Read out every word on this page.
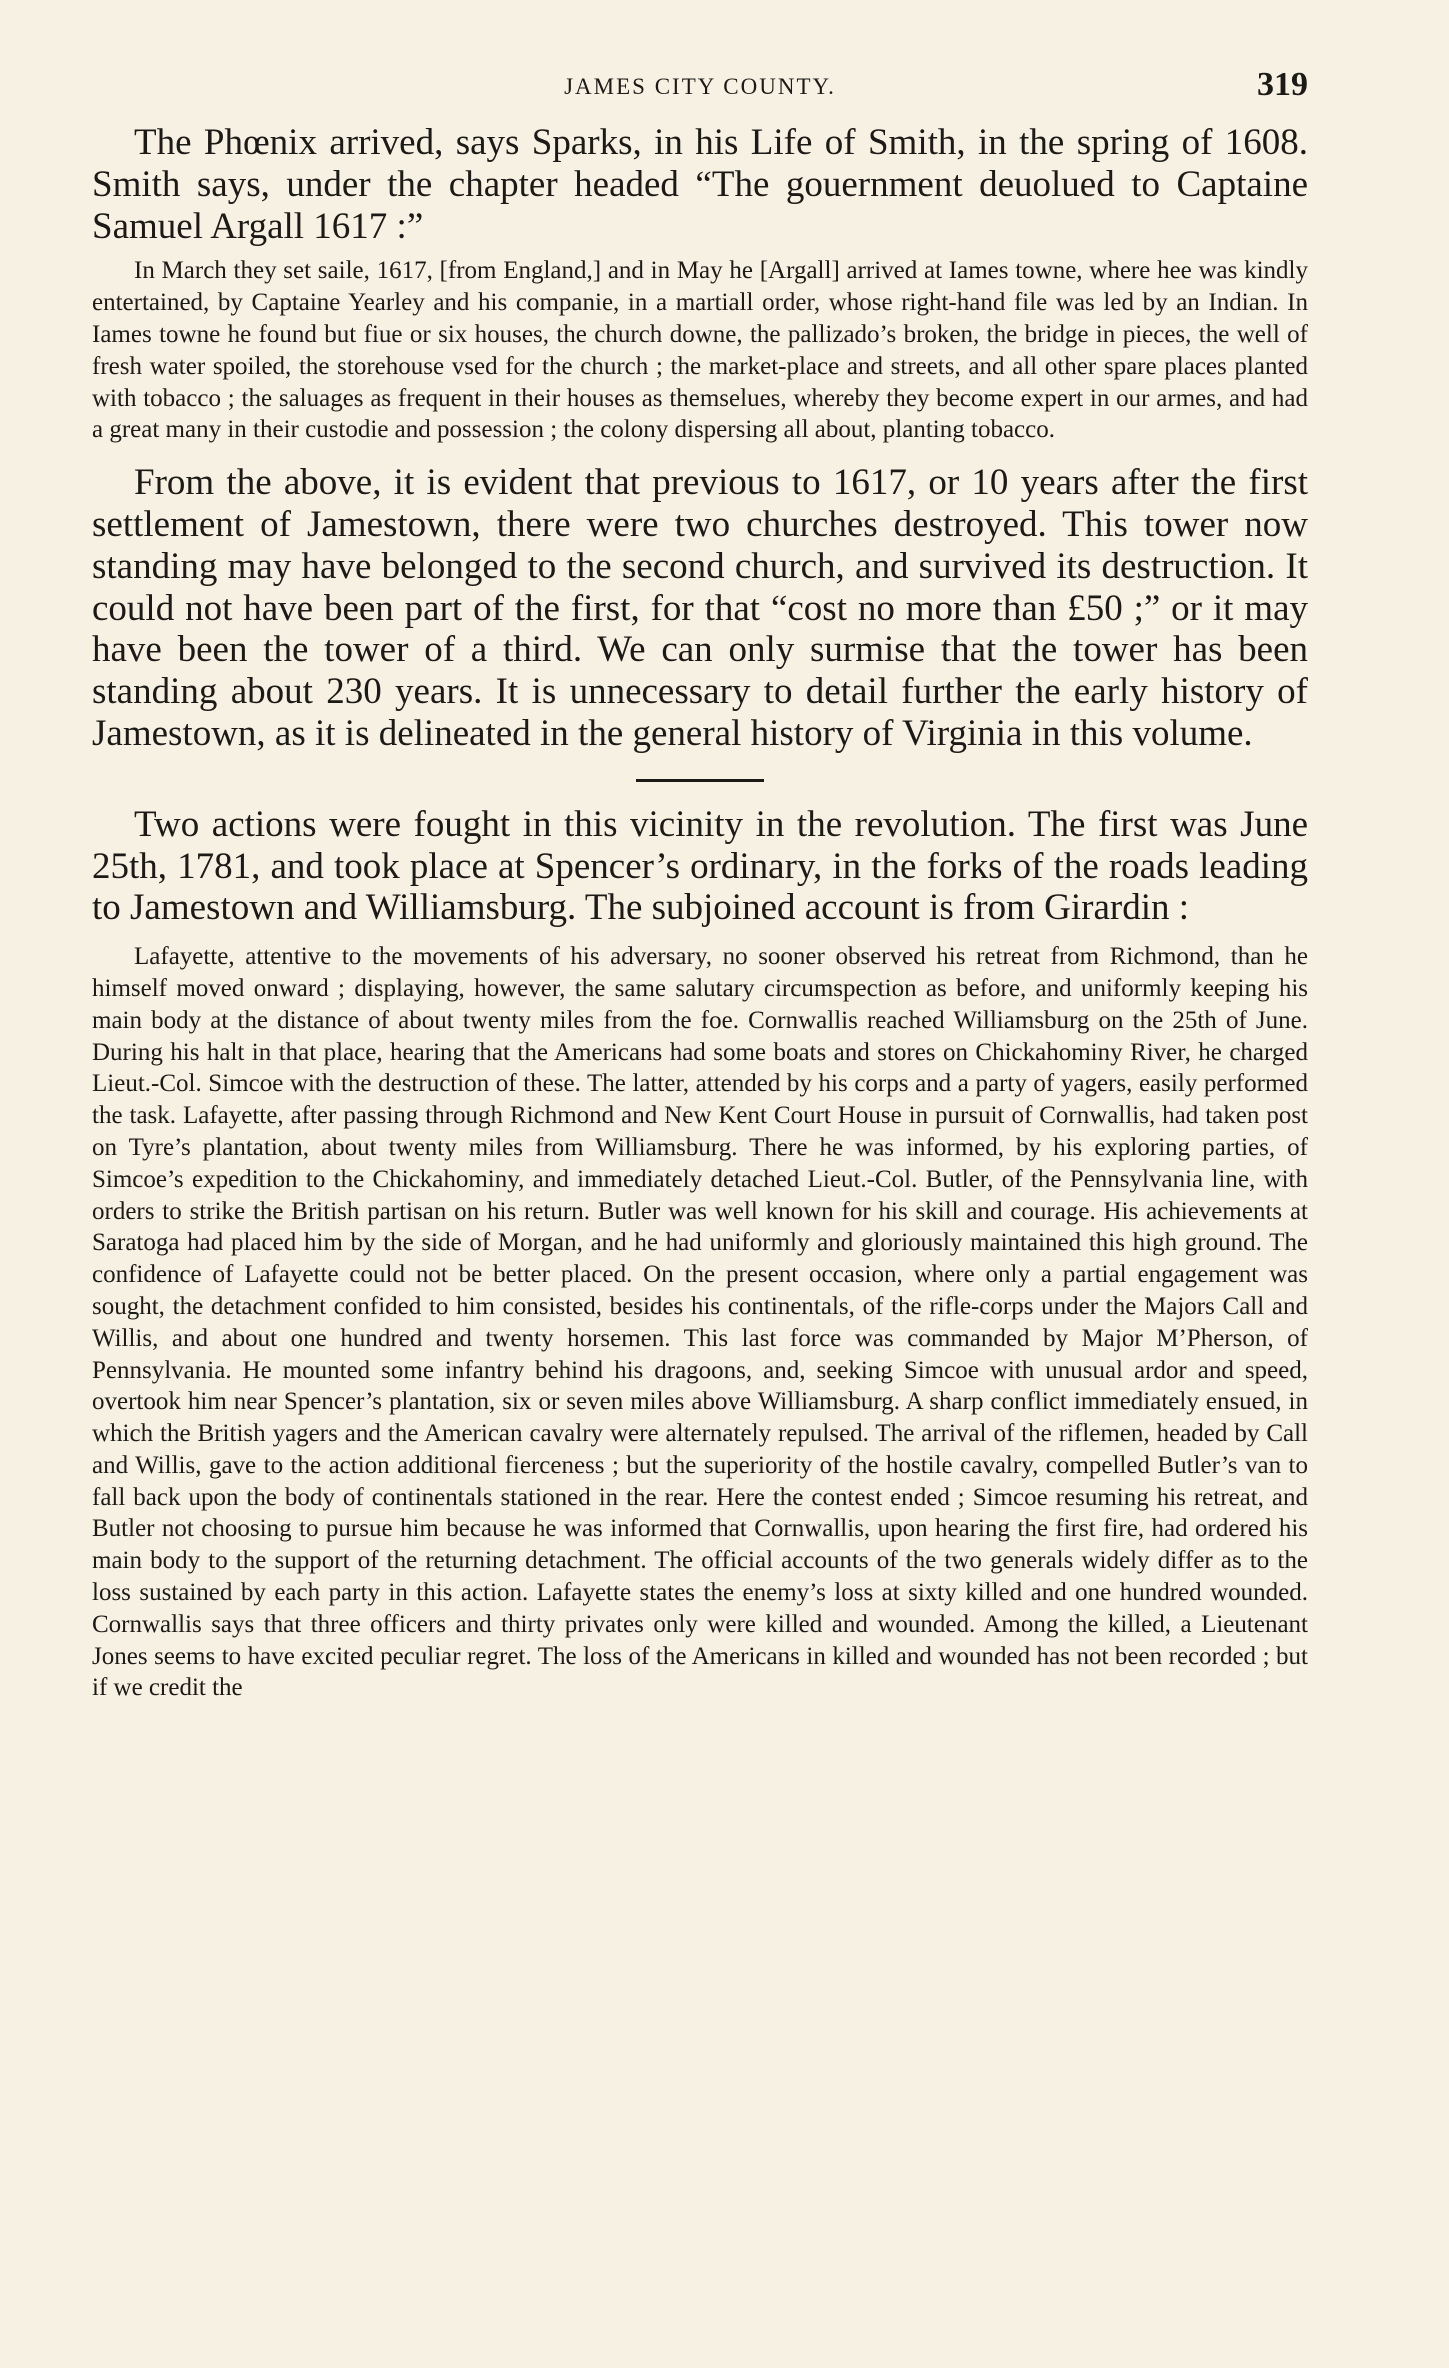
JAMES CITY COUNTY.	319

The Phœnix arrived, says Sparks, in his Life of Smith, in the spring of 1608. Smith says, under the chapter headed “The gouernment deuolued to Captaine Samuel Argall 1617 :”

In March they set saile, 1617, [from England,] and in May he [Argall] arrived at Iames towne, where hee was kindly entertained, by Captaine Yearley and his companie, in a martiall order, whose right-hand file was led by an Indian. In Iames towne he found but fiue or six houses, the church downe, the pallizado’s broken, the bridge in pieces, the well of fresh water spoiled, the storehouse vsed for the church ; the market-place and streets, and all other spare places planted with tobacco ; the saluages as frequent in their houses as themselues, whereby they become expert in our armes, and had a great many in their custodie and possession ; the colony dispersing all about, planting tobacco.

From the above, it is evident that previous to 1617, or 10 years after the first settlement of Jamestown, there were two churches destroyed. This tower now standing may have belonged to the second church, and survived its destruction. It could not have been part of the first, for that “cost no more than £50 ;” or it may have been the tower of a third. We can only surmise that the tower has been standing about 230 years. It is unnecessary to detail further the early history of Jamestown, as it is delineated in the general history of Virginia in this volume.

Two actions were fought in this vicinity in the revolution. The first was June 25th, 1781, and took place at Spencer’s ordinary, in the forks of the roads leading to Jamestown and Williamsburg. The subjoined account is from Girardin :

Lafayette, attentive to the movements of his adversary, no sooner observed his retreat from Richmond, than he himself moved onward ; displaying, however, the same salutary circumspection as before, and uniformly keeping his main body at the distance of about twenty miles from the foe. Cornwallis reached Williamsburg on the 25th of June. During his halt in that place, hearing that the Americans had some boats and stores on Chickahominy River, he charged Lieut.-Col. Simcoe with the destruction of these. The latter, attended by his corps and a party of yagers, easily performed the task. Lafayette, after passing through Richmond and New Kent Court House in pursuit of Cornwallis, had taken post on Tyre’s plantation, about twenty miles from Williamsburg. There he was informed, by his exploring parties, of Simcoe’s expedition to the Chickahominy, and immediately detached Lieut.-Col. Butler, of the Pennsylvania line, with orders to strike the British partisan on his return. Butler was well known for his skill and courage. His achievements at Saratoga had placed him by the side of Morgan, and he had uniformly and gloriously maintained this high ground. The confidence of Lafayette could not be better placed. On the present occasion, where only a partial engagement was sought, the detachment confided to him consisted, besides his continentals, of the rifle-corps under the Majors Call and Willis, and about one hundred and twenty horsemen. This last force was commanded by Major M’Pherson, of Pennsylvania. He mounted some infantry behind his dragoons, and, seeking Simcoe with unusual ardor and speed, overtook him near Spencer’s plantation, six or seven miles above Williamsburg. A sharp conflict immediately ensued, in which the British yagers and the American cavalry were alternately repulsed. The arrival of the riflemen, headed by Call and Willis, gave to the action additional fierceness ; but the superiority of the hostile cavalry, compelled Butler’s van to fall back upon the body of continentals stationed in the rear. Here the contest ended ; Simcoe resuming his retreat, and Butler not choosing to pursue him because he was informed that Cornwallis, upon hearing the first fire, had ordered his main body to the support of the returning detachment. The official accounts of the two generals widely differ as to the loss sustained by each party in this action. Lafayette states the enemy’s loss at sixty killed and one hundred wounded. Cornwallis says that three officers and thirty privates only were killed and wounded. Among the killed, a Lieutenant Jones seems to have excited peculiar regret. The loss of the Americans in killed and wounded has not been recorded ; but if we credit the
